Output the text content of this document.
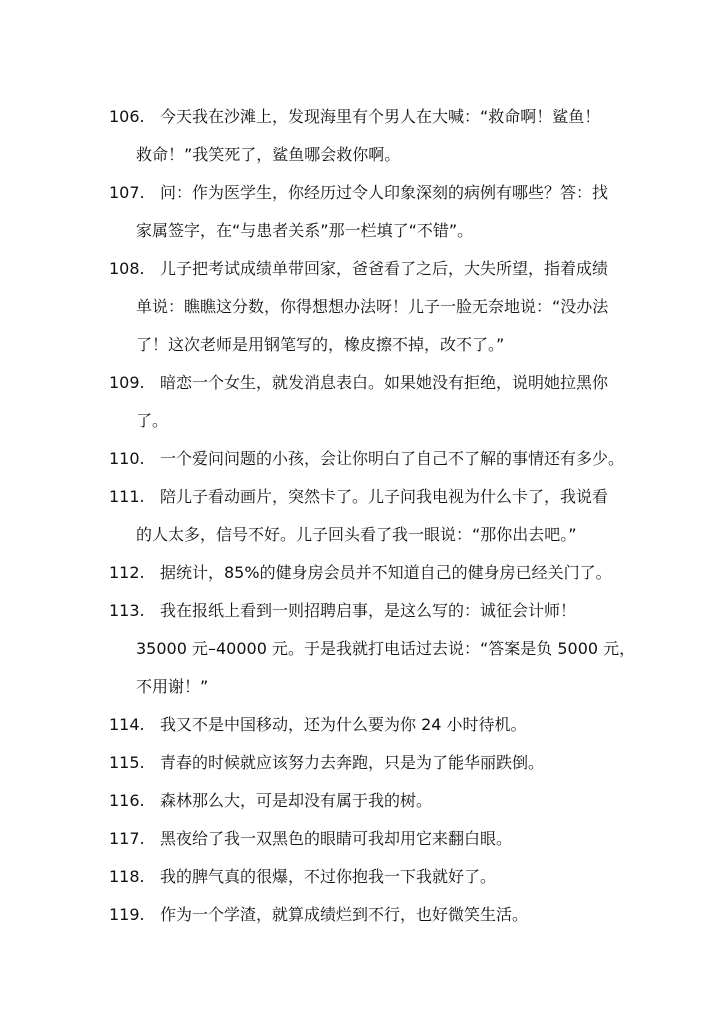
106. 今天我在沙滩上，发现海里有个男人在大喊：“救命啊！鲨鱼！
救命！”我笑死了，鲨鱼哪会救你啊。
107. 问：作为医学生，你经历过令人印象深刻的病例有哪些？答：找
家属签字，在“与患者关系”那一栏填了“不错”。
108. 儿子把考试成绩单带回家，爸爸看了之后，大失所望，指着成绩
单说：瞧瞧这分数，你得想想办法呀！儿子一脸无奈地说：“没办法
了！这次老师是用钢笔写的，橡皮擦不掉，改不了。”
109. 暗恋一个女生，就发消息表白。如果她没有拒绝，说明她拉黑你
了。
110. 一个爱问问题的小孩，会让你明白了自己不了解的事情还有多少。
111. 陪儿子看动画片，突然卡了。儿子问我电视为什么卡了，我说看
的人太多，信号不好。儿子回头看了我一眼说：“那你出去吧。”
112. 据统计，85%的健身房会员并不知道自己的健身房已经关门了。
113. 我在报纸上看到一则招聘启事，是这么写的：诚征会计师！
35000 元–40000 元。于是我就打电话过去说：“答案是负 5000 元，
不用谢！”
114. 我又不是中国移动，还为什么要为你 24 小时待机。
115. 青春的时候就应该努力去奔跑，只是为了能华丽跌倒。
116. 森林那么大，可是却没有属于我的树。
117. 黑夜给了我一双黑色的眼睛可我却用它来翻白眼。
118. 我的脾气真的很爆，不过你抱我一下我就好了。
119. 作为一个学渣，就算成绩烂到不行，也好微笑生活。
